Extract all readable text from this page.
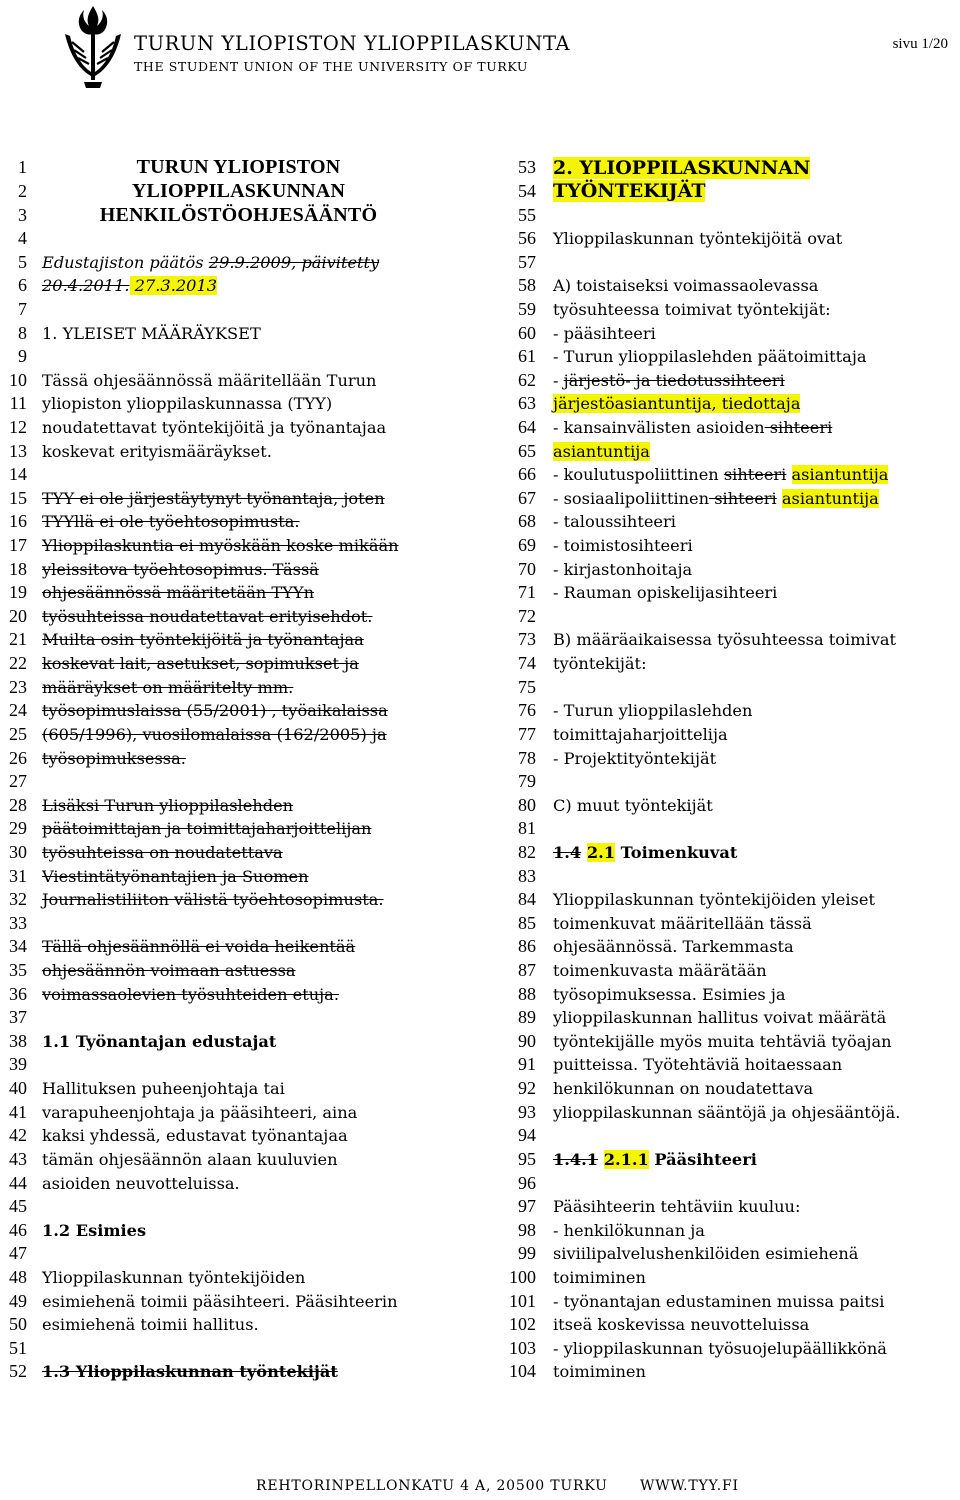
TURUN YLIOPISTON YLIOPPILASKUNTA
THE STUDENT UNION OF THE UNIVERSITY OF TURKU
sivu 1/20
1	TURUN YLIOPISTON
2	YLIOPPILASKUNNAN
3	HENKILÖSTÖOHJESÄÄNTÖ
4
5 Edustajiston päätös 29.9.2009, päivitetty
6 20.4.2011. 27.3.2013
7
8 1. YLEISET MÄÄRÄYKSET
9
10 Tässä ohjesäännössä määritellään Turun
11 yliopiston ylioppilaskunnassa (TYY)
12 noudatettavat työntekijöitä ja työnantajaa
13 koskevat erityismääräykset.
14
15 TYY ei ole järjestäytynyt työnantaja, joten
16 TYYllä ei ole työehtosopimusta.
17 Ylioppilaskuntia ei myöskään koske mikään
18 yleissitova työehtosopimus. Tässä
19 ohjesäännössä määritetään TYYn
20 työsuhteissa noudatettavat erityisehdot.
21 Muilta osin työntekijöitä ja työnantajaa
22 koskevat lait, asetukset, sopimukset ja
23 määräykset on määritelty mm.
24 työsopimuslaissa (55/2001) , työaikalaissa
25 (605/1996), vuosilomalaissa (162/2005) ja
26 työsopimuksessa.
27
28 Lisäksi Turun ylioppilaslehden
29 päätoimittajan ja toimittajaharjoittelijan
30 työsuhteissa on noudatettava
31 Viestintätyönantajien ja Suomen
32 Journalistiliiton välistä työehtosopimusta.
33
34 Tällä ohjesäännöllä ei voida heikentää
35 ohjesäännön voimaan astuessa
36 voimassaolevien työsuhteiden etuja.
37
38 1.1 Työnantajan edustajat
39
40 Hallituksen puheenjohtaja tai
41 varapuheenjohtaja ja pääsihteeri, aina
42 kaksi yhdessä, edustavat työnantajaa
43 tämän ohjesäännön alaan kuuluvien
44 asioiden neuvotteluissa.
45
46 1.2 Esimies
47
48 Ylioppilaskunnan työntekijöiden
49 esimiehenä toimii pääsihteeri. Pääsihteerin
50 esimiehenä toimii hallitus.
51
52 1.3 Ylioppilaskunnan työntekijät
53 2. YLIOPPILASKUNNAN
54 TYÖNTEKIJÄT
55
56	Ylioppilaskunnan työntekijöitä ovat
57
58	A) toistaiseksi voimassaolevassa
59	työsuhteessa toimivat työntekijät:
60	- pääsihteeri
61	- Turun ylioppilaslehden päätoimittaja
62	- järjestö- ja tiedotussihteeri
63	järjestöasiantuntija, tiedottaja
64	- kansainvälisten asioiden sihteeri
65	asiantuntija
66	- koulutuspoliittinen sihteeri asiantuntija
67	- sosiaalipoliittinen sihteeri asiantuntija
68	- taloussihteeri
69	- toimistosihteeri
70	- kirjastonhoitaja
71	- Rauman opiskelijasihteeri
72
73	B) määräaikaisessa työsuhteessa toimivat
74	työntekijät:
75
76	- Turun ylioppilaslehden
77	toimittajaharjoittelija
78	- Projektityöntekijät
79
80	C) muut työntekijät
81
82	1.4 2.1 Toimenkuvat
83
84	Ylioppilaskunnan työntekijöiden yleiset
85	toimenkuvat määritellään tässä
86	ohjesäännössä. Tarkemmasta
87	toimenkuvasta määrätään
88	työsopimuksessa. Esimies ja
89	ylioppilaskunnan hallitus voivat määrätä
90	työntekijälle myös muita tehtäviä työajan
91	puitteissa. Työtehtäviä hoitaessaan
92	henkilökunnan on noudatettava
93	ylioppilaskunnan sääntöjä ja ohjesääntöjä.
94
95	1.4.1 2.1.1 Pääsihteeri
96
97	Pääsihteerin tehtäviin kuuluu:
98	- henkilökunnan ja
99	siviilipalvelushenkilöiden esimiehenä
100	toimiminen
101	- työnantajan edustaminen muissa paitsi
102	itseä koskevissa neuvotteluissa
103	- ylioppilaskunnan työsuojelupäällikkönä
104	toimiminen
REHTORINPELLONKATU 4 A, 20500 TURKU WWW.TYY.FI
